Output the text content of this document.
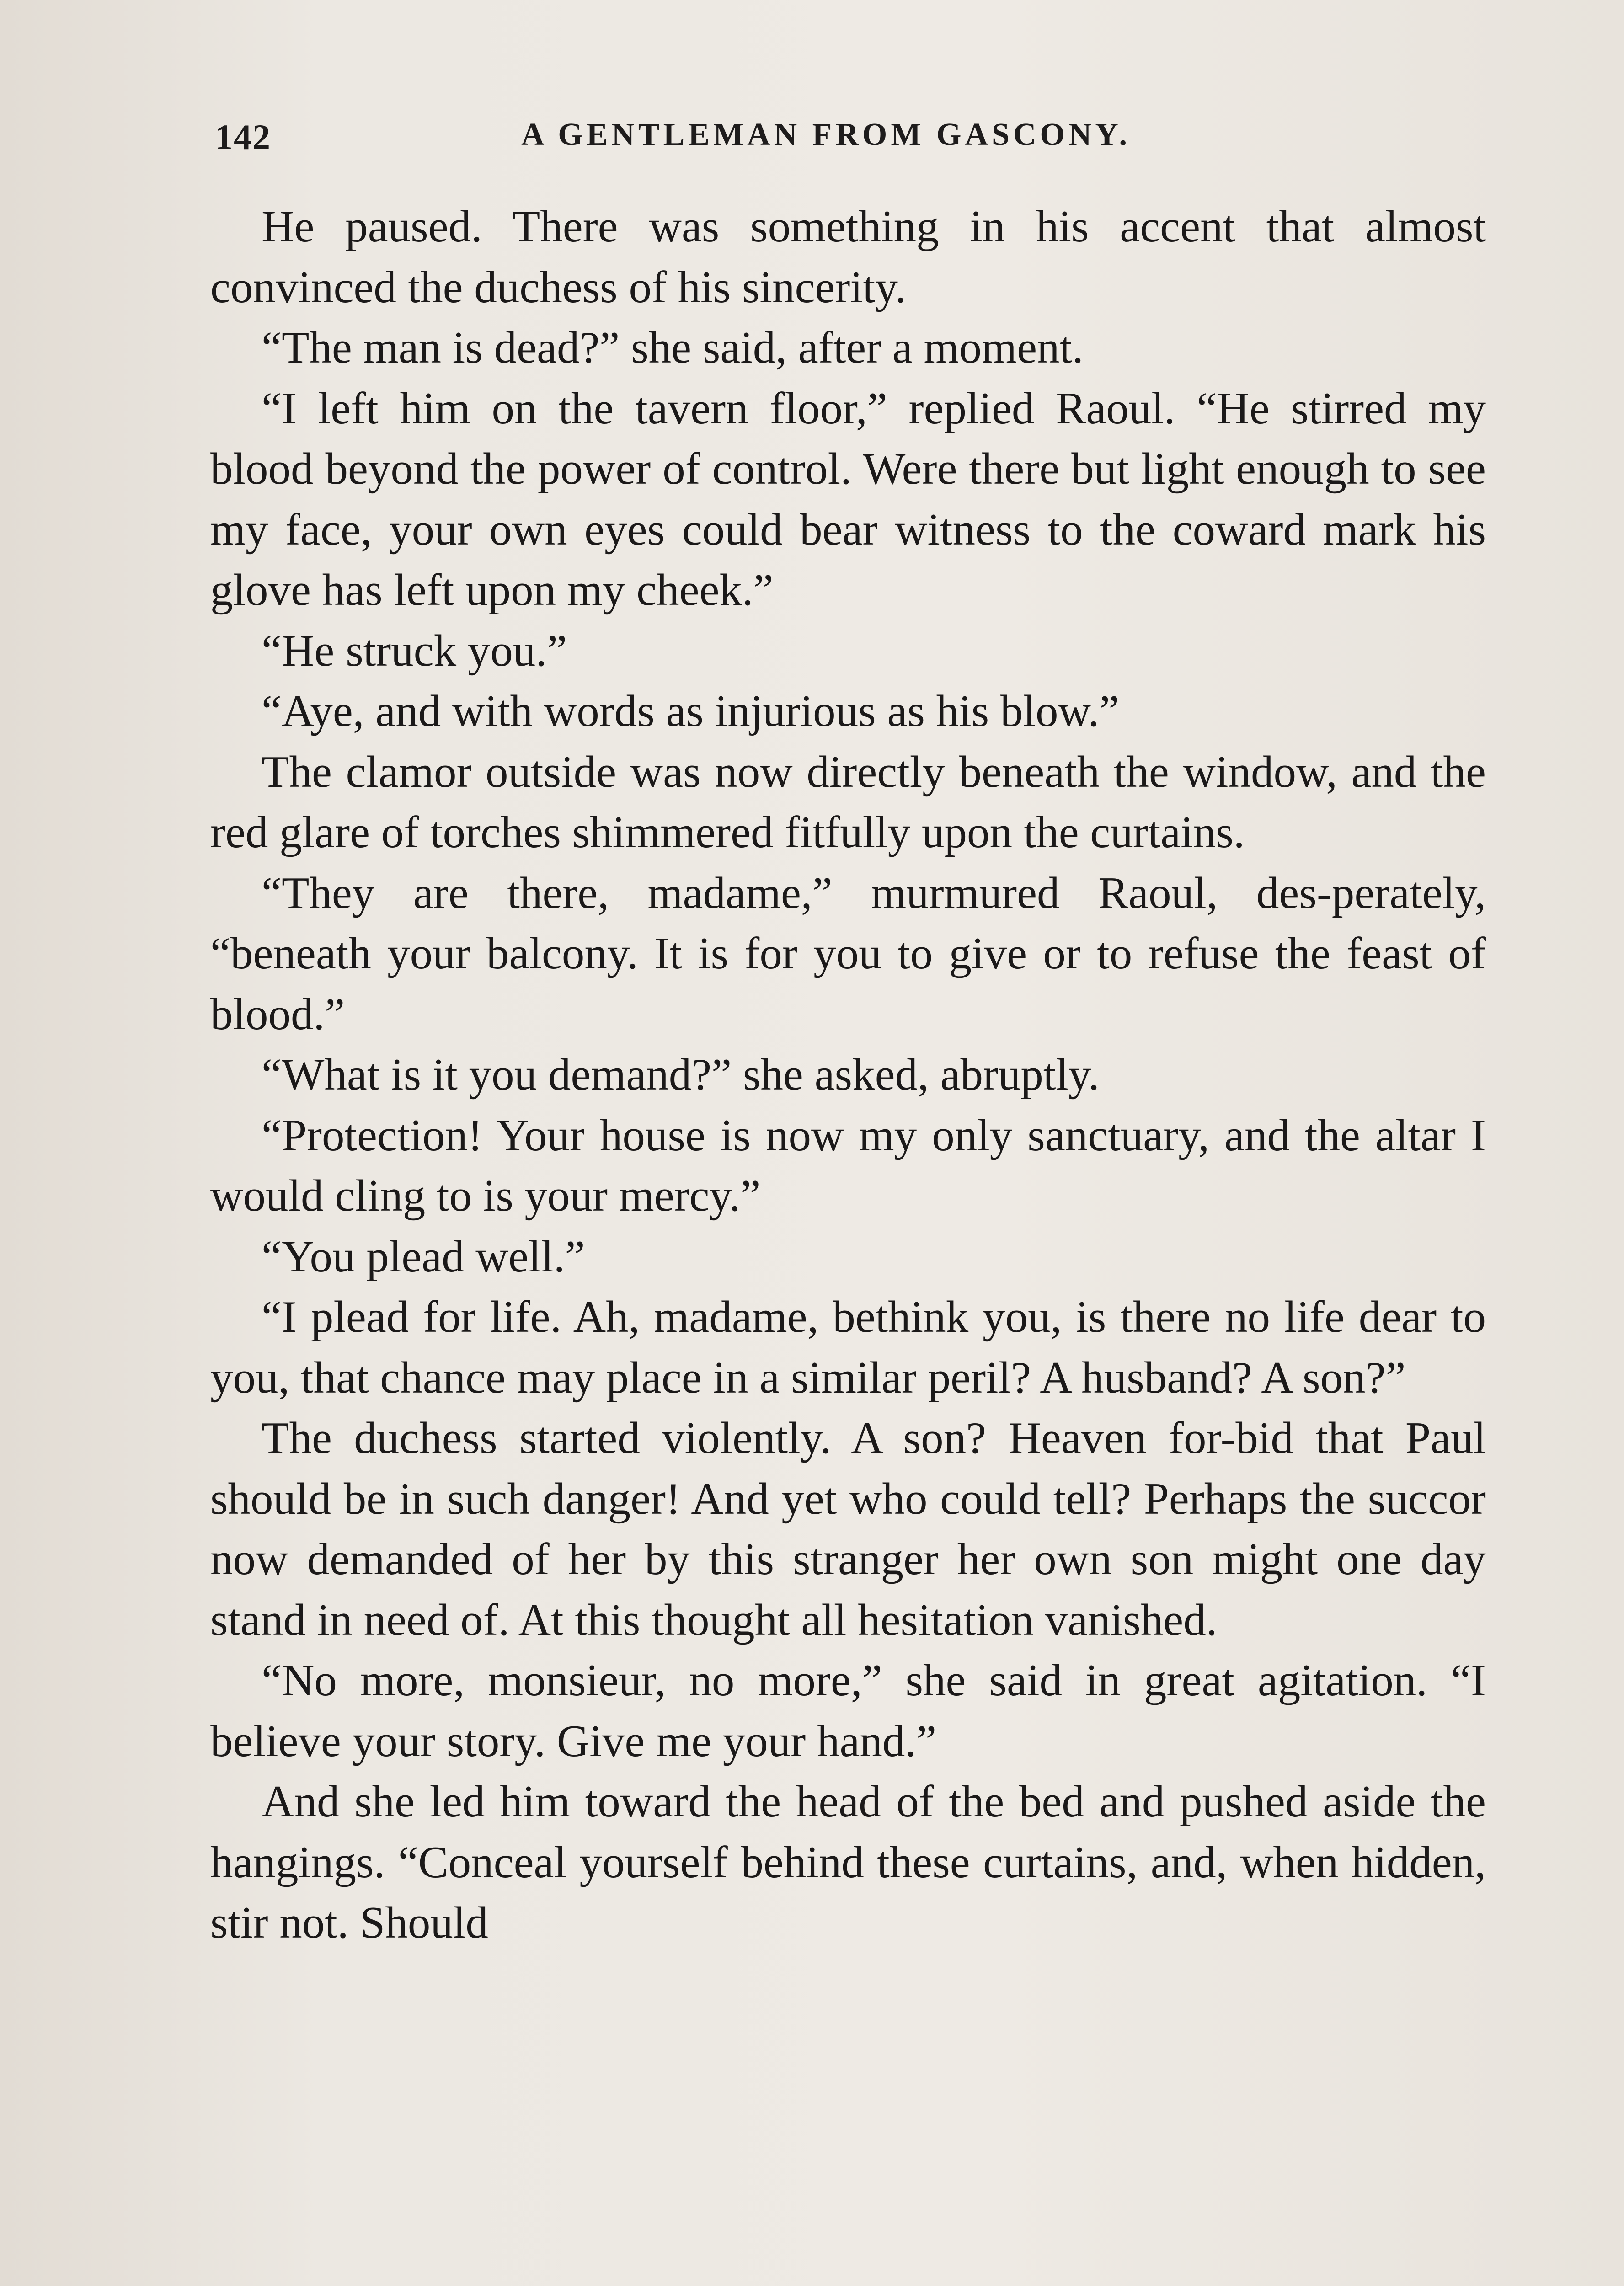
142	A GENTLEMAN FROM GASCONY.

He paused. There was something in his accent that almost convinced the duchess of his sincerity.

“The man is dead?” she said, after a moment.

“I left him on the tavern floor,” replied Raoul. “He stirred my blood beyond the power of control. Were there but light enough to see my face, your own eyes could bear witness to the coward mark his glove has left upon my cheek.”

“He struck you.”

“Aye, and with words as injurious as his blow.”

The clamor outside was now directly beneath the window, and the red glare of torches shimmered fitfully upon the curtains.

“They are there, madame,” murmured Raoul, des-perately, “beneath your balcony. It is for you to give or to refuse the feast of blood.”

“What is it you demand?” she asked, abruptly.

“Protection! Your house is now my only sanctuary, and the altar I would cling to is your mercy.”

“You plead well.”

“I plead for life. Ah, madame, bethink you, is there no life dear to you, that chance may place in a similar peril? A husband? A son?”

The duchess started violently. A son? Heaven for-bid that Paul should be in such danger! And yet who could tell? Perhaps the succor now demanded of her by this stranger her own son might one day stand in need of. At this thought all hesitation vanished.

“No more, monsieur, no more,” she said in great agitation. “I believe your story. Give me your hand.”

And she led him toward the head of the bed and pushed aside the hangings. “Conceal yourself behind these curtains, and, when hidden, stir not. Should
